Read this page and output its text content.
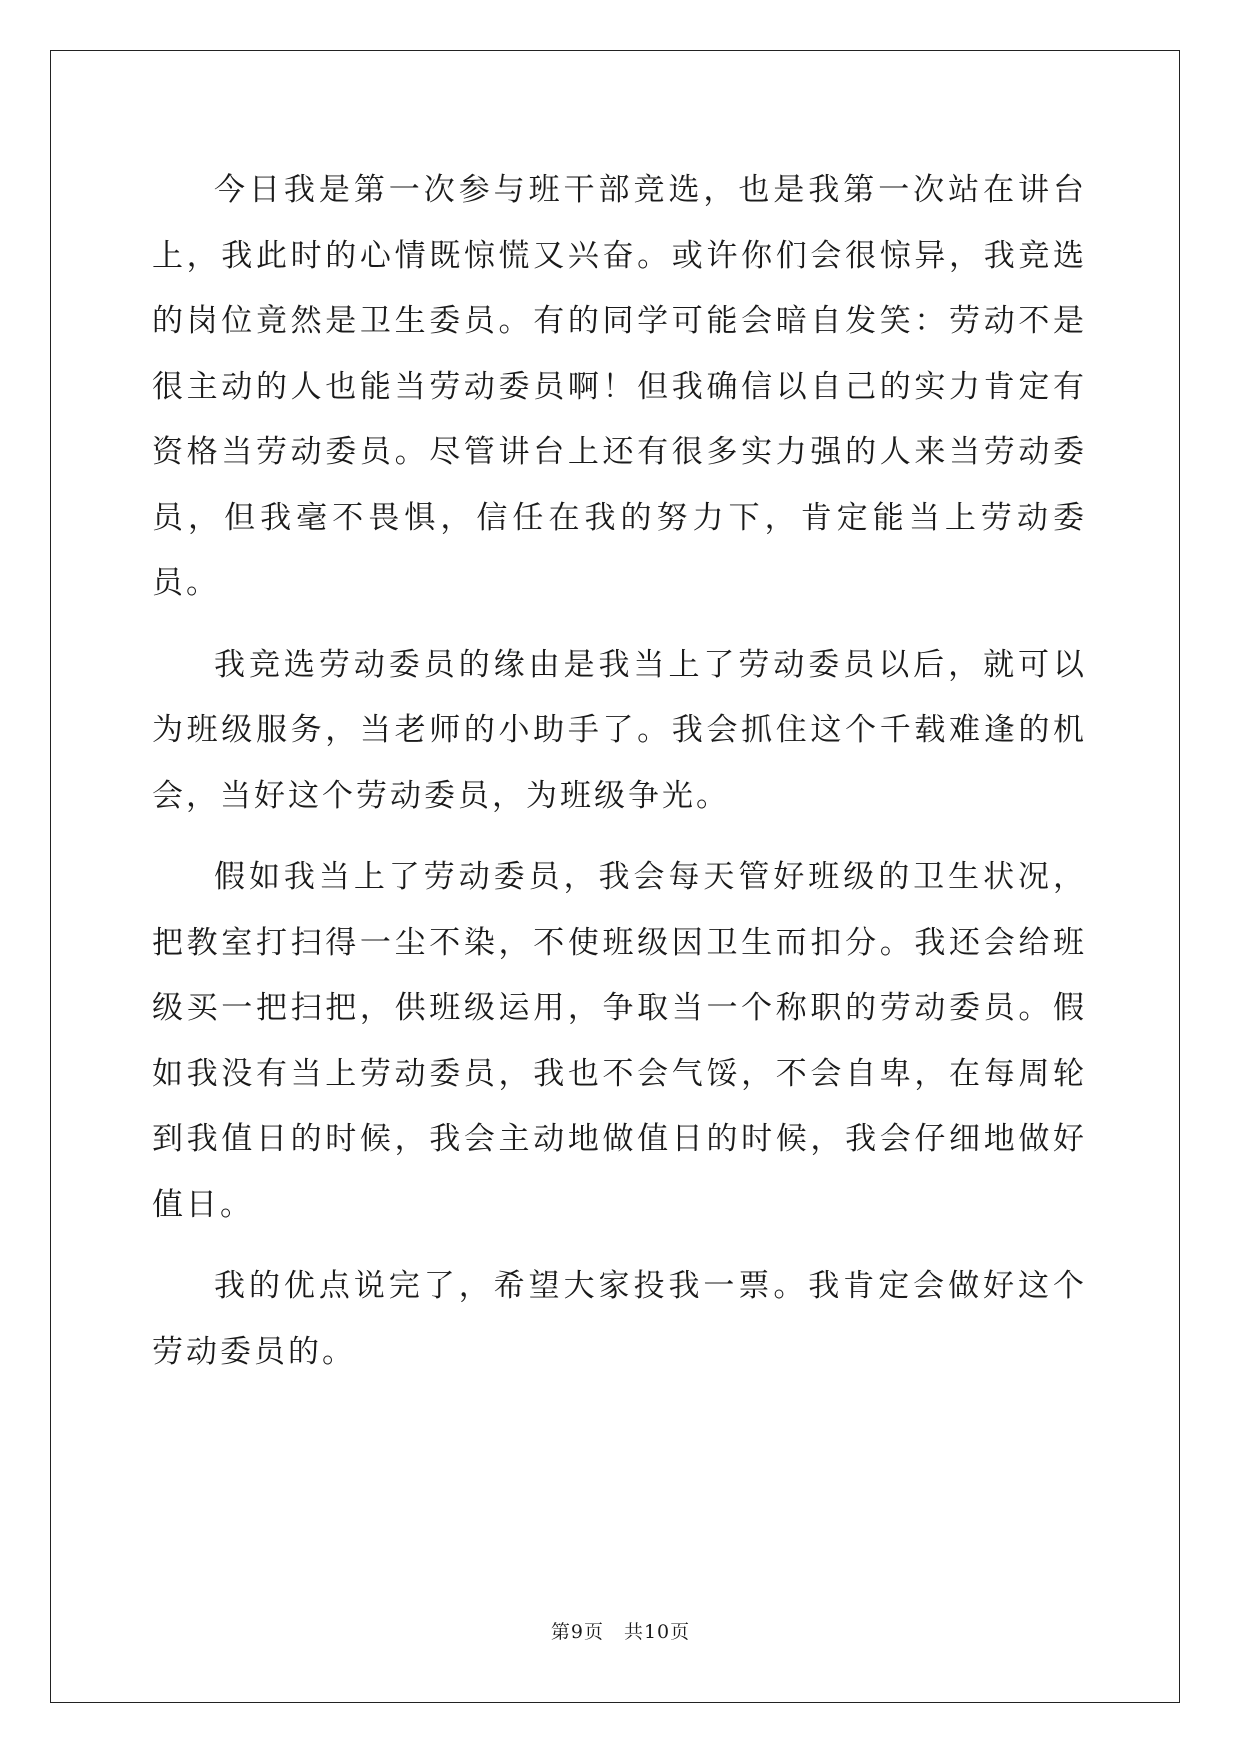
今日我是第一次参与班干部竞选，也是我第一次站在讲台上，我此时的心情既惊慌又兴奋。或许你们会很惊异，我竞选的岗位竟然是卫生委员。有的同学可能会暗自发笑：劳动不是很主动的人也能当劳动委员啊！但我确信以自己的实力肯定有资格当劳动委员。尽管讲台上还有很多实力强的人来当劳动委员，但我毫不畏惧，信任在我的努力下，肯定能当上劳动委员。

我竞选劳动委员的缘由是我当上了劳动委员以后，就可以为班级服务，当老师的小助手了。我会抓住这个千载难逢的机会，当好这个劳动委员，为班级争光。

假如我当上了劳动委员，我会每天管好班级的卫生状况，把教室打扫得一尘不染，不使班级因卫生而扣分。我还会给班级买一把扫把，供班级运用，争取当一个称职的劳动委员。假如我没有当上劳动委员，我也不会气馁，不会自卑，在每周轮到我值日的时候，我会主动地做值日的时候，我会仔细地做好值日。

我的优点说完了，希望大家投我一票。我肯定会做好这个劳动委员的。

第9页　共10页
